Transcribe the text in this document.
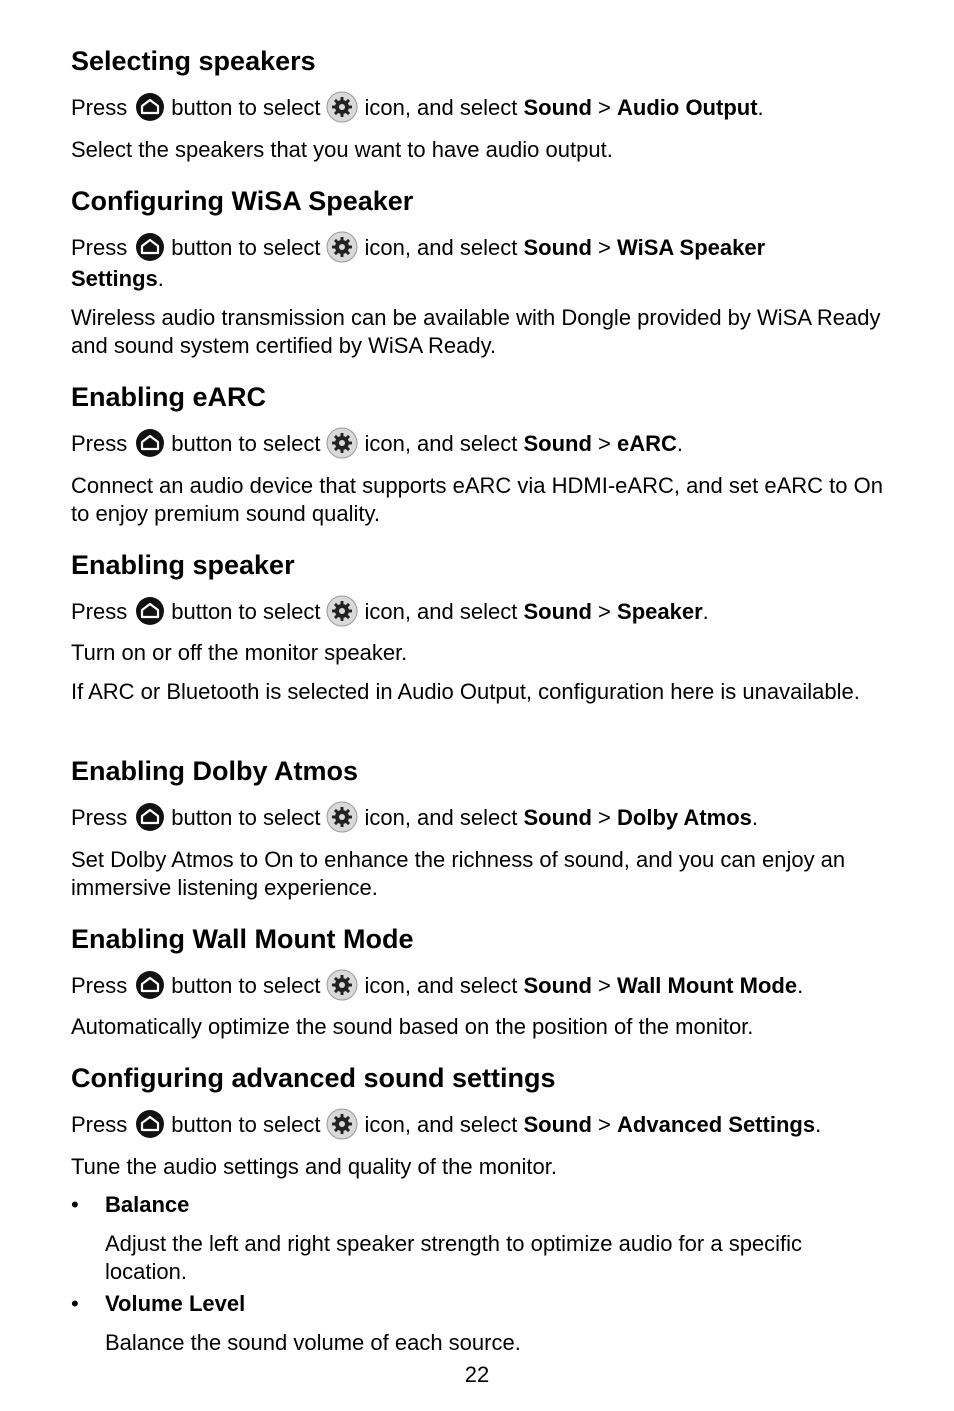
Selecting speakers

Press button to select icon, and select Sound > Audio Output.

Select the speakers that you want to have audio output.

Configuring WiSA Speaker

Press button to select icon, and select Sound > WiSA Speaker

Settings.

Wireless audio transmission can be available with Dongle provided by WiSA Ready and sound system certified by WiSA Ready.

Enabling eARC

Press button to select icon, and select Sound > eARC.

Connect an audio device that supports eARC via HDMI-eARC, and set eARC to On to enjoy premium sound quality.

Enabling speaker

Press button to select icon, and select Sound > Speaker.

Turn on or off the monitor speaker.

If ARC or Bluetooth is selected in Audio Output, configuration here is unavailable.

Enabling Dolby Atmos

Press button to select icon, and select Sound > Dolby Atmos.

Set Dolby Atmos to On to enhance the richness of sound, and you can enjoy an immersive listening experience.

Enabling Wall Mount Mode

Press button to select icon, and select Sound > Wall Mount Mode.

Automatically optimize the sound based on the position of the monitor.

Configuring advanced sound settings

Press button to select icon, and select Sound > Advanced Settings.

Tune the audio settings and quality of the monitor.

• Balance
Adjust the left and right speaker strength to optimize audio for a specific location.
• Volume Level
Balance the sound volume of each source.
22
